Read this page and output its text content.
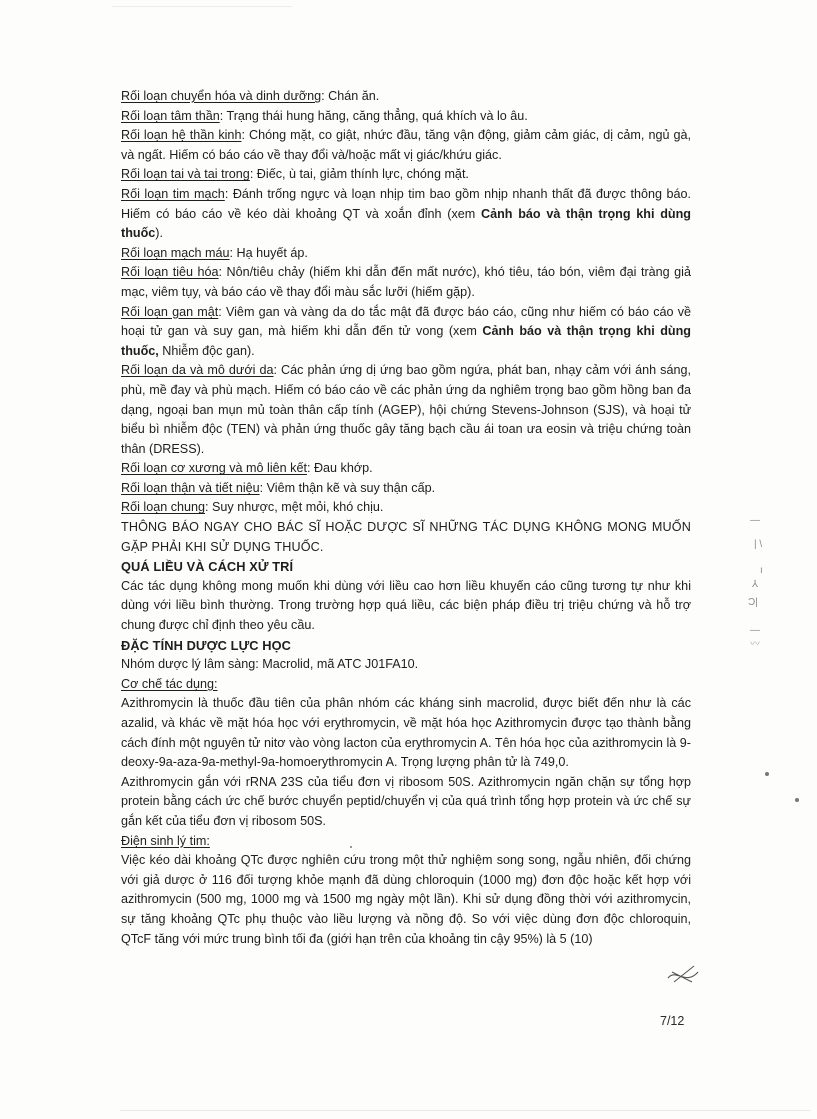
Rối loạn chuyển hóa và dinh dưỡng: Chán ăn.

Rối loạn tâm thần: Trạng thái hung hăng, căng thẳng, quá khích và lo âu.

Rối loạn hệ thần kinh: Chóng mặt, co giật, nhức đầu, tăng vận động, giảm cảm giác, dị cảm, ngủ gà, và ngất. Hiếm có báo cáo về thay đổi và/hoặc mất vị giác/khứu giác.

Rối loạn tai và tai trong: Điếc, ù tai, giảm thính lực, chóng mặt.

Rối loạn tim mạch: Đánh trống ngực và loạn nhịp tim bao gồm nhịp nhanh thất đã được thông báo. Hiếm có báo cáo về kéo dài khoảng QT và xoắn đỉnh (xem Cảnh báo và thận trọng khi dùng thuốc).

Rối loạn mạch máu: Hạ huyết áp.

Rối loạn tiêu hóa: Nôn/tiêu chảy (hiếm khi dẫn đến mất nước), khó tiêu, táo bón, viêm đại tràng giả mạc, viêm tụy, và báo cáo về thay đổi màu sắc lưỡi (hiếm gặp).

Rối loạn gan mật: Viêm gan và vàng da do tắc mật đã được báo cáo, cũng như hiếm có báo cáo về hoại tử gan và suy gan, mà hiếm khi dẫn đến tử vong (xem Cảnh báo và thận trọng khi dùng thuốc, Nhiễm độc gan).

Rối loạn da và mô dưới da: Các phản ứng dị ứng bao gồm ngứa, phát ban, nhạy cảm với ánh sáng, phù, mề đay và phù mạch. Hiếm có báo cáo về các phản ứng da nghiêm trọng bao gồm hồng ban đa dạng, ngoại ban mụn mủ toàn thân cấp tính (AGEP), hội chứng Stevens-Johnson (SJS), và hoại tử biểu bì nhiễm độc (TEN) và phản ứng thuốc gây tăng bạch cầu ái toan ưa eosin và triệu chứng toàn thân (DRESS).

Rối loạn cơ xương và mô liên kết: Đau khớp.

Rối loạn thận và tiết niệu: Viêm thận kẽ và suy thận cấp.

Rối loạn chung: Suy nhược, mệt mỏi, khó chịu.

THÔNG BÁO NGAY CHO BÁC SĨ HOẶC DƯỢC SĨ NHỮNG TÁC DỤNG KHÔNG MONG MUỐN GẶP PHẢI KHI SỬ DỤNG THUỐC.

QUÁ LIỀU VÀ CÁCH XỬ TRÍ

Các tác dụng không mong muốn khi dùng với liều cao hơn liều khuyến cáo cũng tương tự như khi dùng với liều bình thường. Trong trường hợp quá liều, các biện pháp điều trị triệu chứng và hỗ trợ chung được chỉ định theo yêu cầu.

ĐẶC TÍNH DƯỢC LỰC HỌC

Nhóm dược lý lâm sàng: Macrolid, mã ATC J01FA10.

Cơ chế tác dụng:

Azithromycin là thuốc đầu tiên của phân nhóm các kháng sinh macrolid, được biết đến như là các azalid, và khác về mặt hóa học với erythromycin, về mặt hóa học Azithromycin được tạo thành bằng cách đính một nguyên tử nitơ vào vòng lacton của erythromycin A. Tên hóa học của azithromycin là 9-deoxy-9a-aza-9a-methyl-9a-homoerythromycin A. Trọng lượng phân tử là 749,0.

Azithromycin gắn với rRNA 23S của tiểu đơn vị ribosom 50S. Azithromycin ngăn chặn sự tổng hợp protein bằng cách ức chế bước chuyển peptid/chuyển vị của quá trình tổng hợp protein và ức chế sự gắn kết của tiểu đơn vị ribosom 50S.

Điện sinh lý tim:

Việc kéo dài khoảng QTc được nghiên cứu trong một thử nghiệm song song, ngẫu nhiên, đối chứng với giả dược ở 116 đối tượng khỏe mạnh đã dùng chloroquin (1000 mg) đơn độc hoặc kết hợp với azithromycin (500 mg, 1000 mg và 1500 mg ngày một lần). Khi sử dụng đồng thời với azithromycin, sự tăng khoảng QTc phụ thuộc vào liều lượng và nồng độ. So với việc dùng đơn độc chloroquin, QTcF tăng với mức trung bình tối đa (giới hạn trên của khoảng tin cậy 95%) là 5 (10)

7/12
―
| \
ı
⅄
Ɔ|
—
〰
